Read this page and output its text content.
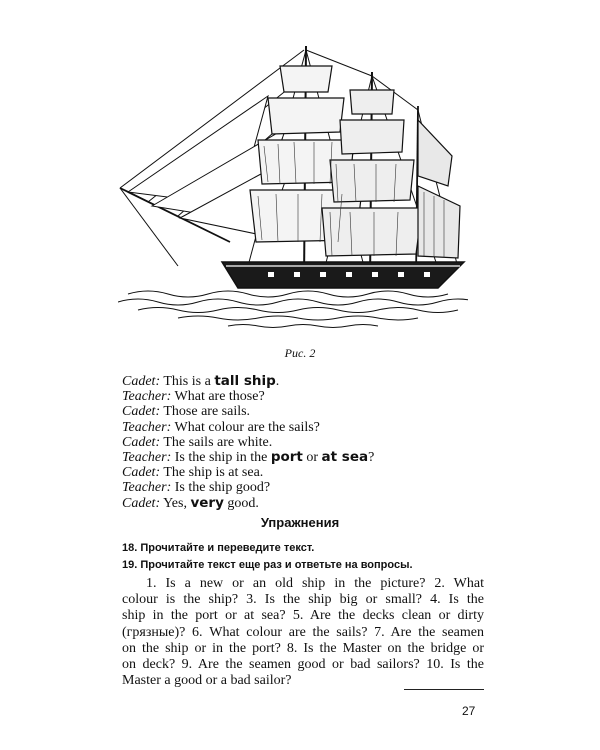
Рис. 2
Cadet: This is a tall ship.
Teacher: What are those?
Cadet: Those are sails.
Teacher: What colour are the sails?
Cadet: The sails are white.
Teacher: Is the ship in the port or at sea?
Cadet: The ship is at sea.
Teacher: Is the ship good?
Cadet: Yes, very good.
Упражнения
18. Прочитайте и переведите текст.
19. Прочитайте текст еще раз и ответьте на вопросы.
1. Is a new or an old ship in the picture? 2. What
colour is the ship? 3. Is the ship big or small? 4. Is the
ship in the port or at sea? 5. Are the decks clean or dirty
(грязные)? 6. What colour are the sails? 7. Are the seamen
on the ship or in the port? 8. Is the Master on the bridge or
on deck? 9. Are the seamen good or bad sailors? 10. Is the
Master a good or a bad sailor?
27
